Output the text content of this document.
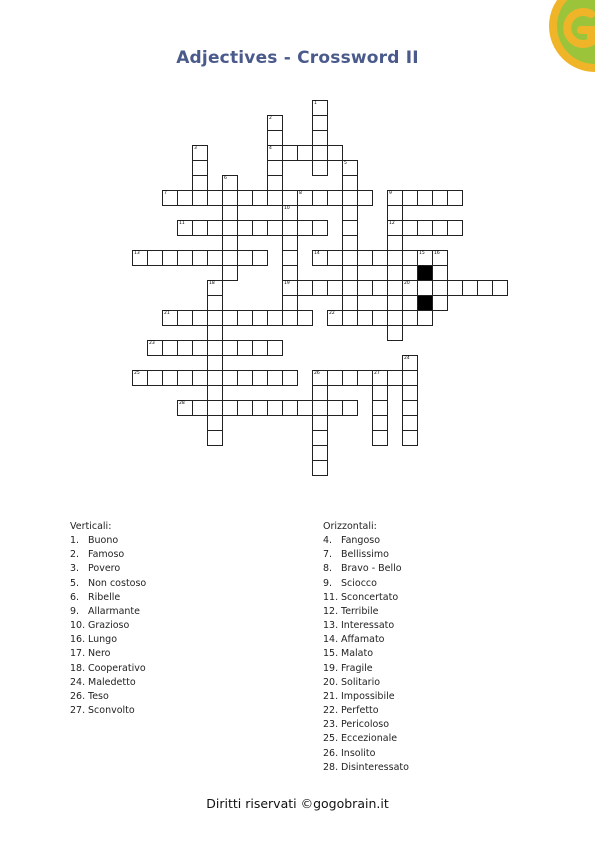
Adjectives - Crossword II
1
2
4
3
5
6
7	8	9
12
10
19
11
13	14	15 16
17
18	20
21	22
23
24
25	26	27
28
Verticali:
1. Buono
2. Famoso
3. Povero
5. Non costoso
6. Ribelle
9. Allarmante
10. Grazioso
16. Lungo
17. Nero
18. Cooperativo
24. Maledetto
26. Teso
27. Sconvolto
Orizzontali:
4. Fangoso
7. Bellissimo
8. Bravo - Bello
9. Sciocco
11. Sconcertato
12. Terribile
13. Interessato
14. Affamato
15. Malato
19. Fragile
20. Solitario
21. Impossibile
22. Perfetto
23. Pericoloso
25. Eccezionale
26. Insolito
28. Disinteressato
Diritti riservati ©gogobrain.it
